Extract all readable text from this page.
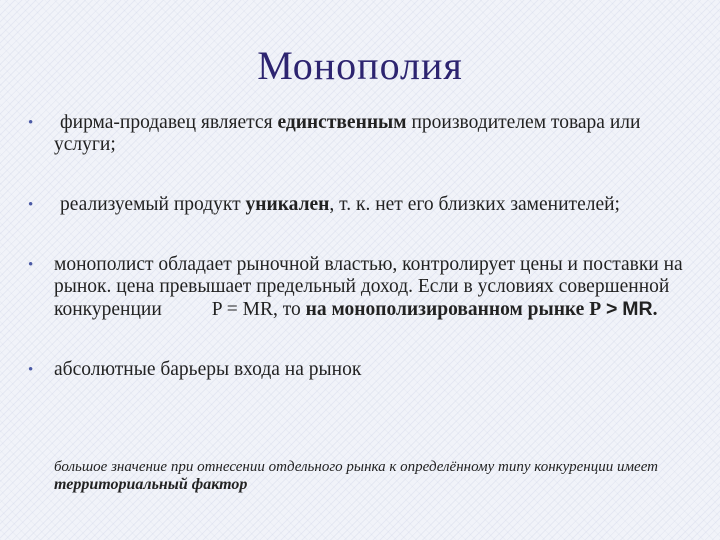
Монополия
• фирма-продавец является единственным производителем товара или услуги;
• реализуемый продукт уникален, т. к. нет его близких заменителей;
• монополист обладает рыночной властью, контролирует цены и поставки на рынок. цена превышает предельный доход. Если в условиях совершенной конкуренции	P = MR, то на монополизированном рынке P > MR.
• абсолютные барьеры входа на рынок
большое значение при отнесении отдельного рынка к определённому типу конкуренции имеет территориальный фактор
